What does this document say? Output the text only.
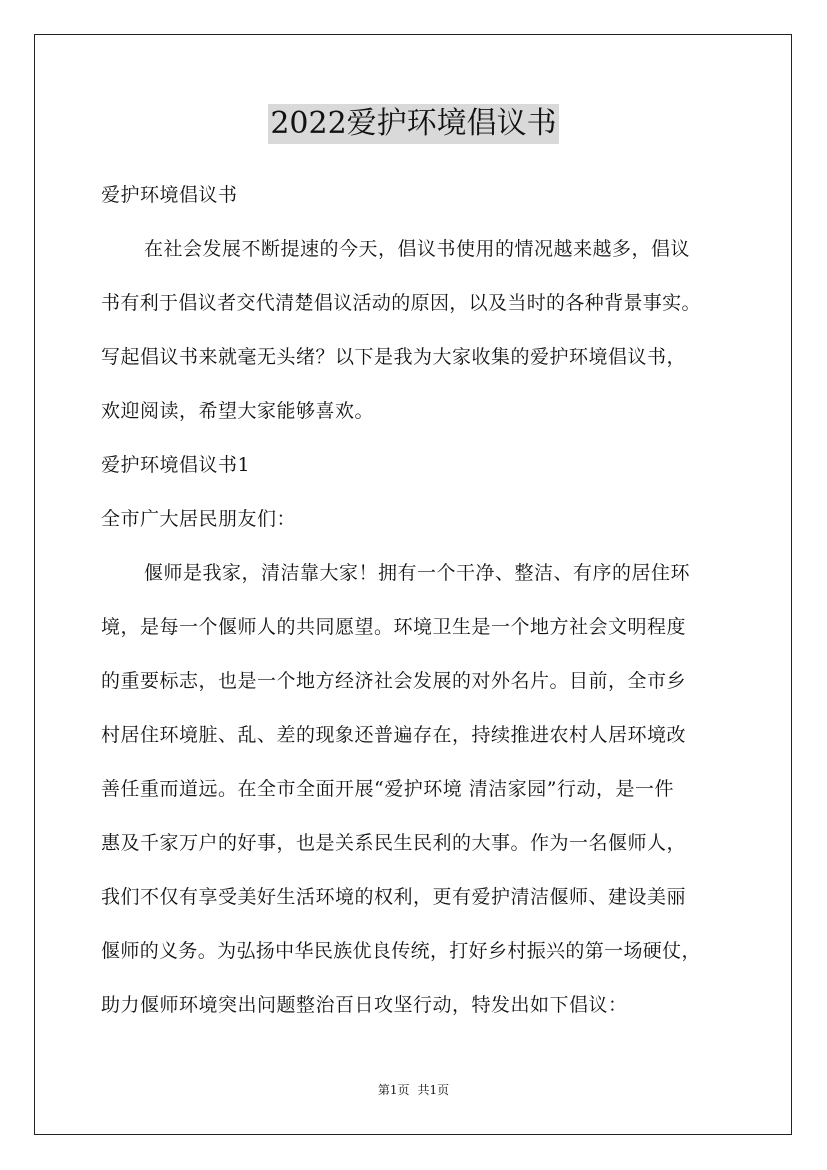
2022爱护环境倡议书
爱护环境倡议书
在社会发展不断提速的今天，倡议书使用的情况越来越多，倡议
书有利于倡议者交代清楚倡议活动的原因，以及当时的各种背景事实。
写起倡议书来就毫无头绪？以下是我为大家收集的爱护环境倡议书，
欢迎阅读，希望大家能够喜欢。
爱护环境倡议书1
全市广大居民朋友们：
偃师是我家，清洁靠大家！拥有一个干净、整洁、有序的居住环
境，是每一个偃师人的共同愿望。环境卫生是一个地方社会文明程度
的重要标志，也是一个地方经济社会发展的对外名片。目前，全市乡
村居住环境脏、乱、差的现象还普遍存在，持续推进农村人居环境改
善任重而道远。在全市全面开展“爱护环境 清洁家园”行动，是一件
惠及千家万户的好事，也是关系民生民利的大事。作为一名偃师人，
我们不仅有享受美好生活环境的权利，更有爱护清洁偃师、建设美丽
偃师的义务。为弘扬中华民族优良传统，打好乡村振兴的第一场硬仗，
助力偃师环境突出问题整治百日攻坚行动，特发出如下倡议：
第1页 共1页
